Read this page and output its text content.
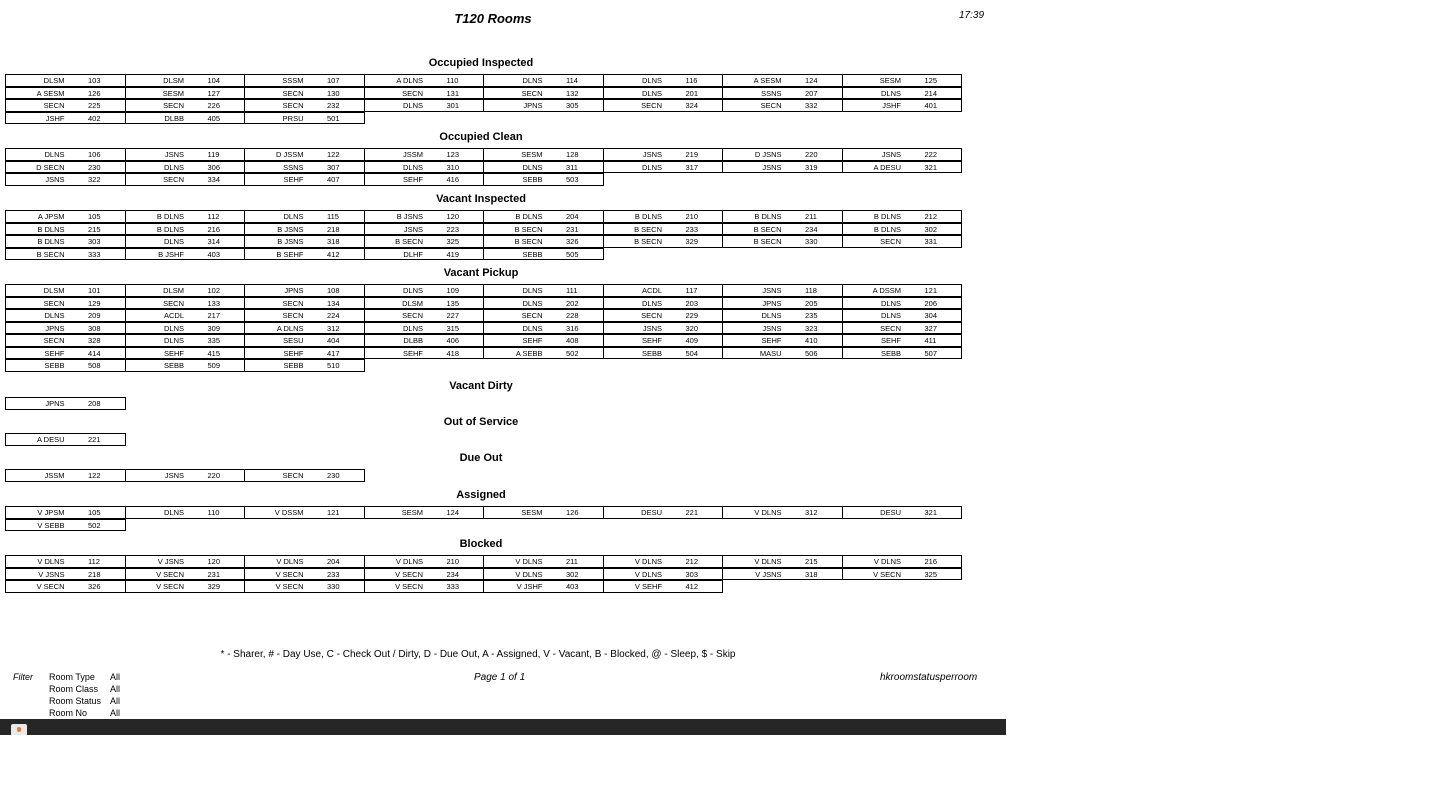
T120 Rooms	17:39
Occupied Inspected
DLSM	103	DLSM	104	SSSM	107	A DLNS	110	DLNS	114	DLNS	116	A SESM	124	SESM	125
A SESM	126	SESM	127	SECN	130	SECN	131	SECN	132	DLNS	201	SSNS	207	DLNS	214
SECN	225	SECN	226	SECN	232	DLNS	301	JPNS	305	SECN	324	SECN	332	JSHF	401
JSHF	402	DLBB	405	PRSU	501
Occupied Clean
DLNS	106	JSNS	119	D JSSM	122	JSSM	123	SESM	128	JSNS	219	D JSNS	220	JSNS	222
D SECN	230	DLNS	306	SSNS	307	DLNS	310	DLNS	311	DLNS	317	JSNS	319	A DESU	321
JSNS	322	SECN	334	SEHF	407	SEHF	416	SEBB	503
Vacant Inspected
A JPSM	105	B DLNS	112	DLNS	115	B JSNS	120	B DLNS	204	B DLNS	210	B DLNS	211	B DLNS	212
B DLNS	215	B DLNS	216	B JSNS	218	JSNS	223	B SECN	231	B SECN	233	B SECN	234	B DLNS	302
B DLNS	303	DLNS	314	B JSNS	318	B SECN	325	B SECN	326	B SECN	329	B SECN	330	SECN	331
B SECN	333	B JSHF	403	B SEHF	412	DLHF	419	SEBB	505
Vacant Pickup
DLSM	101	DLSM	102	JPNS	108	DLNS	109	DLNS	111	ACDL	117	JSNS	118	A DSSM	121
SECN	129	SECN	133	SECN	134	DLSM	135	DLNS	202	DLNS	203	JPNS	205	DLNS	206
DLNS	209	ACDL	217	SECN	224	SECN	227	SECN	228	SECN	229	DLNS	235	DLNS	304
JPNS	308	DLNS	309	A DLNS	312	DLNS	315	DLNS	316	JSNS	320	JSNS	323	SECN	327
SECN	328	DLNS	335	SESU	404	DLBB	406	SEHF	408	SEHF	409	SEHF	410	SEHF	411
SEHF	414	SEHF	415	SEHF	417	SEHF	418	A SEBB	502	SEBB	504	MASU	506	SEBB	507
SEBB	508	SEBB	509	SEBB	510
Vacant Dirty
JPNS	208
Out of Service
A DESU	221
Due Out
JSSM	122	JSNS	220	SECN	230
Assigned
V JPSM	105	DLNS	110	V DSSM	121	SESM	124	SESM	126	DESU	221	V DLNS	312	DESU	321
V SEBB	502
Blocked
V DLNS	112	V JSNS	120	V DLNS	204	V DLNS	210	V DLNS	211	V DLNS	212	V DLNS	215	V DLNS	216
V JSNS	218	V SECN	231	V SECN	233	V SECN	234	V DLNS	302	V DLNS	303	V JSNS	318	V SECN	325
V SECN	326	V SECN	329	V SECN	330	V SECN	333	V JSHF	403	V SEHF	412
* - Sharer, # - Day Use, C - Check Out / Dirty, D - Due Out, A - Assigned, V - Vacant, B - Blocked, @ - Sleep, $ - Skip
Filter Room Type All
Room Class All
Room Status All
Room No	All
Page 1 of 1	hkroomstatusperroom
